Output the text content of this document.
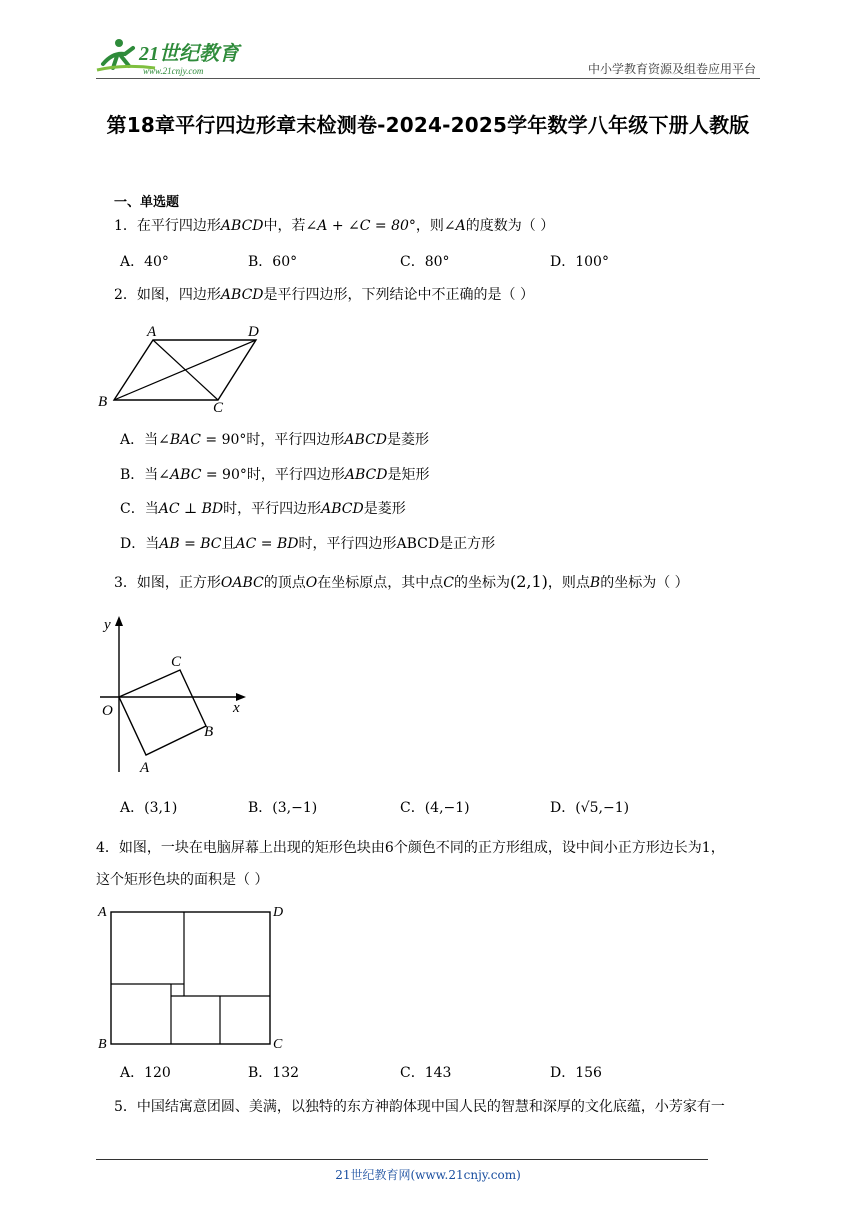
21世纪教育
www.21cnjy.com	中小学教育资源及组卷应用平台
第18章平行四边形章末检测卷-2024-2025学年数学八年级下册人教版
一、单选题
1．在平行四边形ABCD中，若∠A + ∠C = 80°，则∠A的度数为（ ）
A．40°	B．60°	C．80°	D．100°
2．如图，四边形ABCD是平行四边形，下列结论中不正确的是（ ）
A	D
B	C
A．当∠BAC = 90°时，平行四边形ABCD是菱形
B．当∠ABC = 90°时，平行四边形ABCD是矩形
C．当AC ⊥ BD时，平行四边形ABCD是菱形
D．当AB = BC且AC = BD时，平行四边形ABCD是正方形
3．如图，正方形OABC的顶点O在坐标原点，其中点C的坐标为(2,1)，则点B的坐标为（ ）
y
x
O
C
B
A
A．(3,1)	B．(3,−1)	C．(4,−1)	D．(√5,−1)
4．如图，一块在电脑屏幕上出现的矩形色块由6个颜色不同的正方形组成，设中间小正方形边长为1，
这个矩形色块的面积是（ ）
A	D
B	C
A．120	B．132	C．143	D．156
5．中国结寓意团圆、美满，以独特的东方神韵体现中国人民的智慧和深厚的文化底蕴，小芳家有一
21世纪教育网(www.21cnjy.com)
